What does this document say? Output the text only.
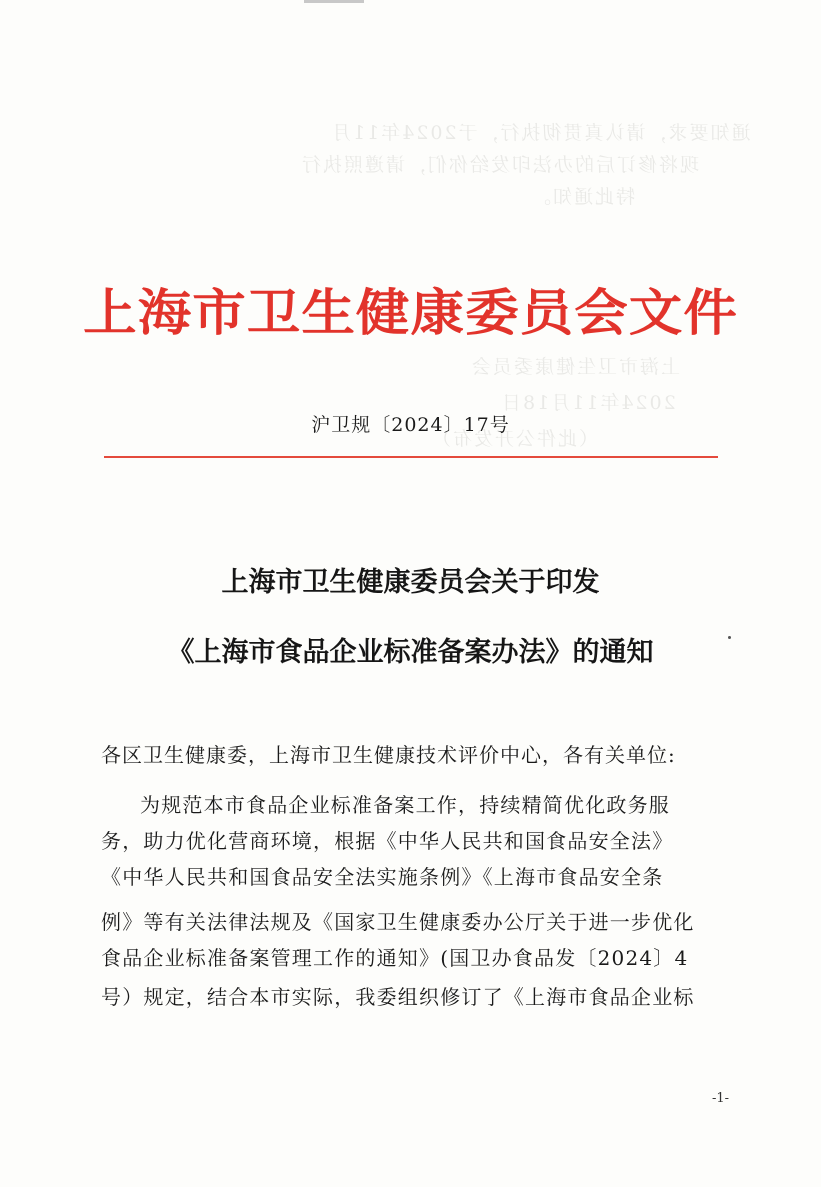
通知要求，请认真贯彻执行，于2024年11月
现将修订后的办法印发给你们，请遵照执行
特此通知。
上海市卫生健康委员会
2024年11月18日
（此件公开发布）
上海市卫生健康委员会文件
沪卫规〔2024〕17号
上海市卫生健康委员会关于印发
《上海市食品企业标准备案办法》的通知
各区卫生健康委，上海市卫生健康技术评价中心，各有关单位:
为规范本市食品企业标准备案工作，持续精简优化政务服
务，助力优化营商环境，根据《中华人民共和国食品安全法》
《中华人民共和国食品安全法实施条例》《上海市食品安全条
例》等有关法律法规及《国家卫生健康委办公厅关于进一步优化
食品企业标准备案管理工作的通知》(国卫办食品发〔2024〕4
号）规定，结合本市实际，我委组织修订了《上海市食品企业标
-1-
